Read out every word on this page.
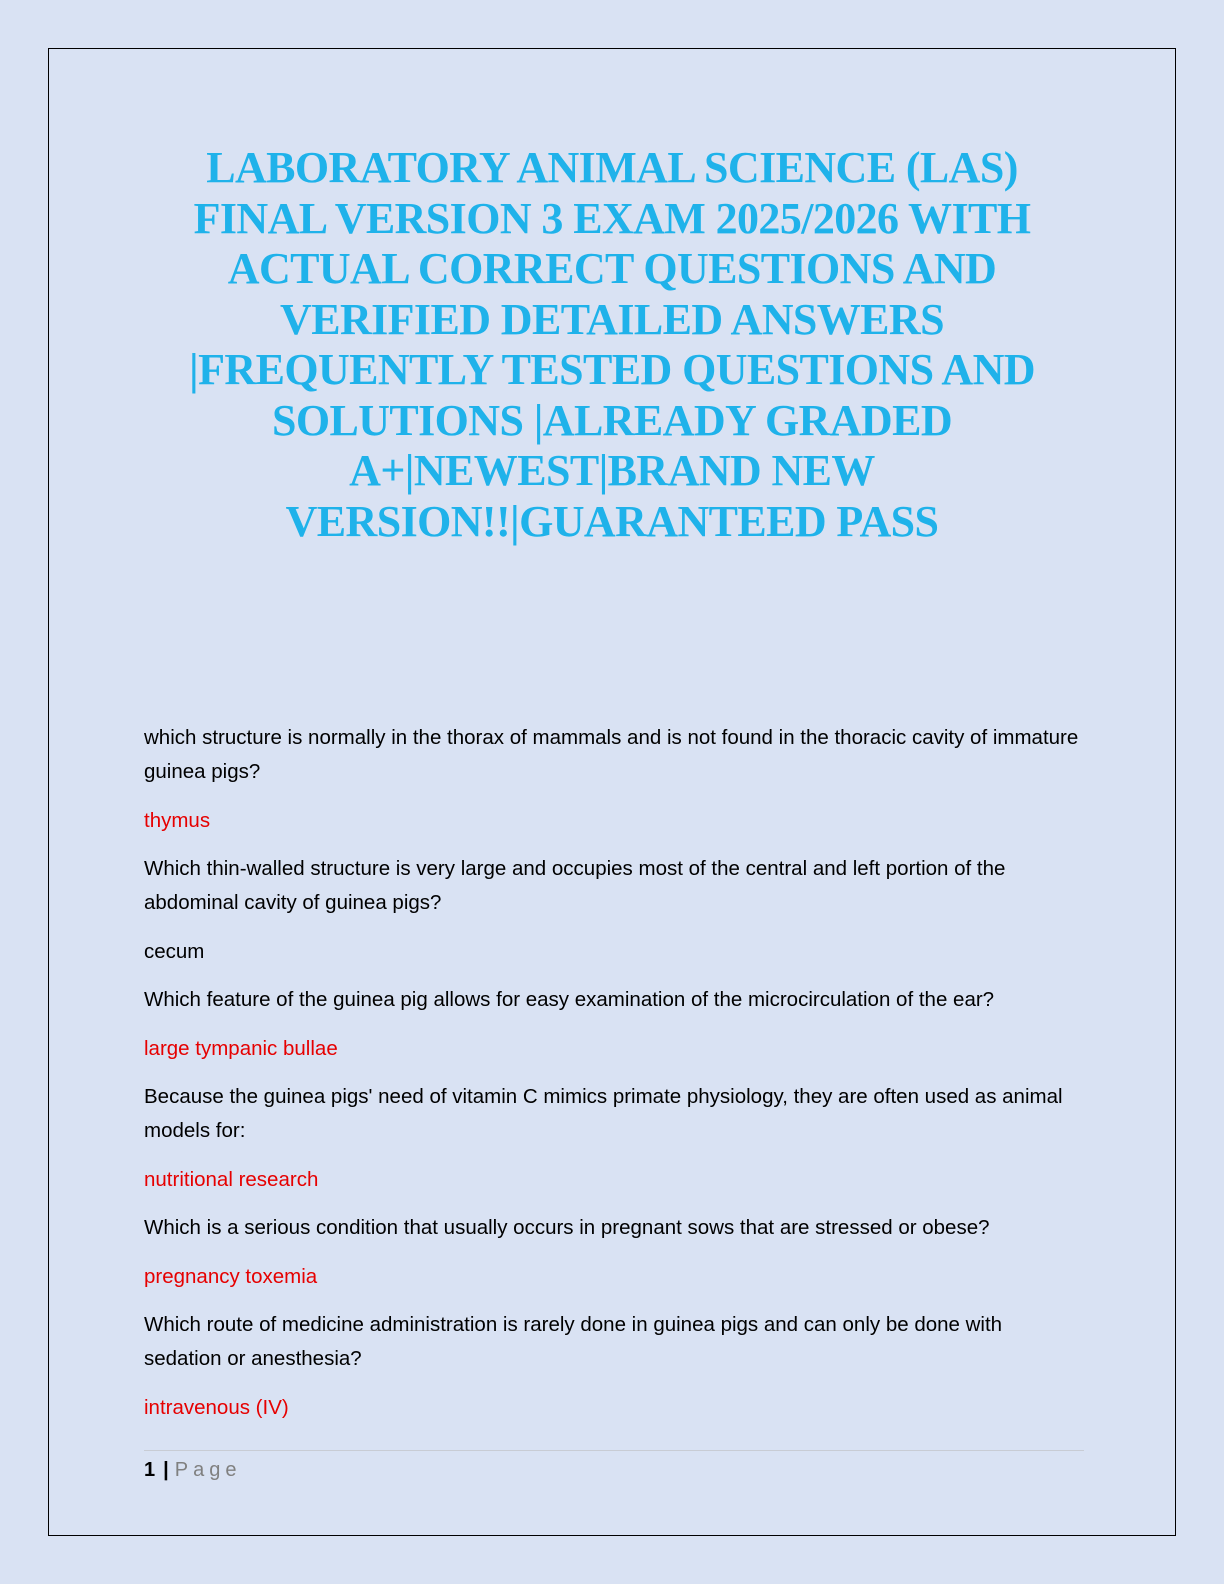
LABORATORY ANIMAL SCIENCE (LAS) FINAL VERSION 3 EXAM 2025/2026 WITH ACTUAL CORRECT QUESTIONS AND VERIFIED DETAILED ANSWERS |FREQUENTLY TESTED QUESTIONS AND SOLUTIONS |ALREADY GRADED A+|NEWEST|BRAND NEW VERSION!!|GUARANTEED PASS

which structure is normally in the thorax of mammals and is not found in the thoracic cavity of immature guinea pigs?

thymus

Which thin-walled structure is very large and occupies most of the central and left portion of the abdominal cavity of guinea pigs?

cecum

Which feature of the guinea pig allows for easy examination of the microcirculation of the ear?

large tympanic bullae

Because the guinea pigs' need of vitamin C mimics primate physiology, they are often used as animal models for:

nutritional research

Which is a serious condition that usually occurs in pregnant sows that are stressed or obese?

pregnancy toxemia

Which route of medicine administration is rarely done in guinea pigs and can only be done with sedation or anesthesia?

intravenous (IV)

1 | Page
